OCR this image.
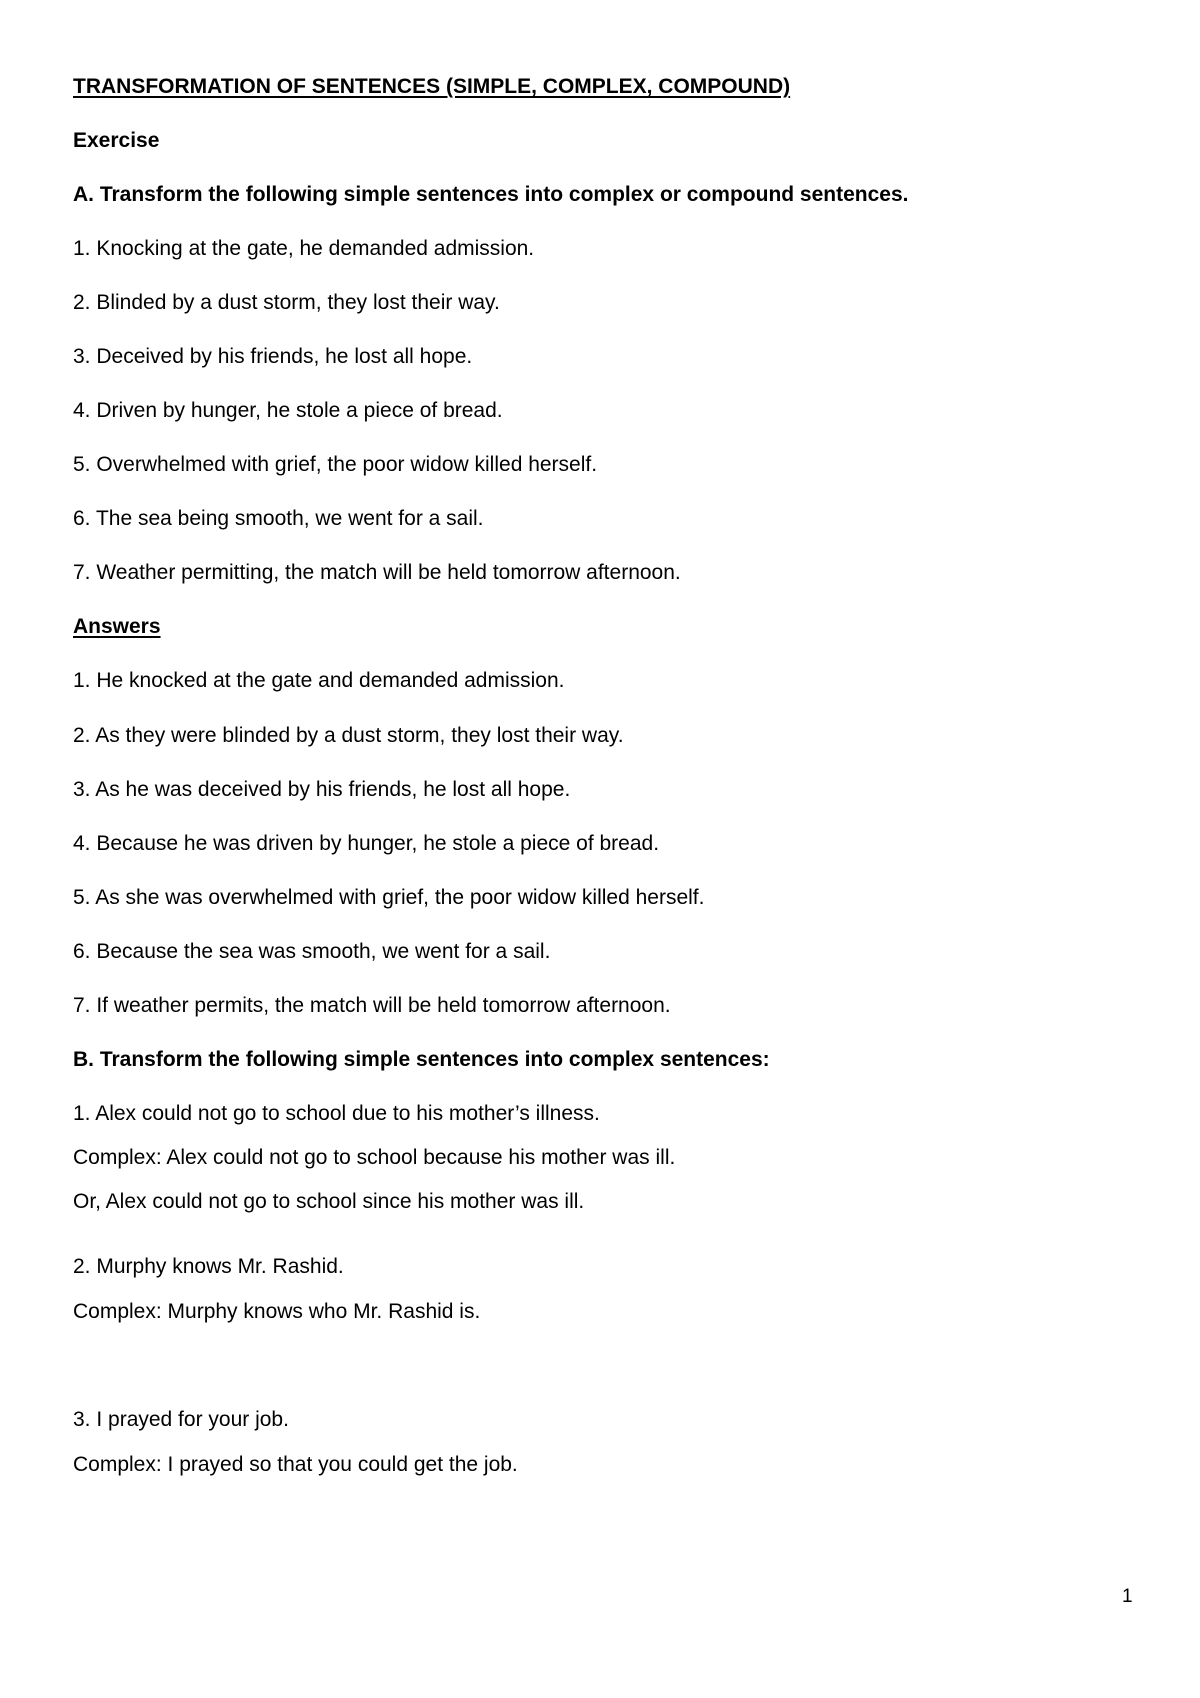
TRANSFORMATION OF SENTENCES (SIMPLE, COMPLEX, COMPOUND)
Exercise
A. Transform the following simple sentences into complex or compound sentences.
1. Knocking at the gate, he demanded admission.
2. Blinded by a dust storm, they lost their way.
3. Deceived by his friends, he lost all hope.
4. Driven by hunger, he stole a piece of bread.
5. Overwhelmed with grief, the poor widow killed herself.
6. The sea being smooth, we went for a sail.
7. Weather permitting, the match will be held tomorrow afternoon.
Answers
1. He knocked at the gate and demanded admission.
2. As they were blinded by a dust storm, they lost their way.
3. As he was deceived by his friends, he lost all hope.
4. Because he was driven by hunger, he stole a piece of bread.
5. As she was overwhelmed with grief, the poor widow killed herself.
6. Because the sea was smooth, we went for a sail.
7. If weather permits, the match will be held tomorrow afternoon.
B. Transform the following simple sentences into complex sentences:
1. Alex could not go to school due to his mother’s illness.
Complex: Alex could not go to school because his mother was ill.
Or, Alex could not go to school since his mother was ill.
2. Murphy knows Mr. Rashid.
Complex: Murphy knows who Mr. Rashid is.
3. I prayed for your job.
Complex: I prayed so that you could get the job.
1
